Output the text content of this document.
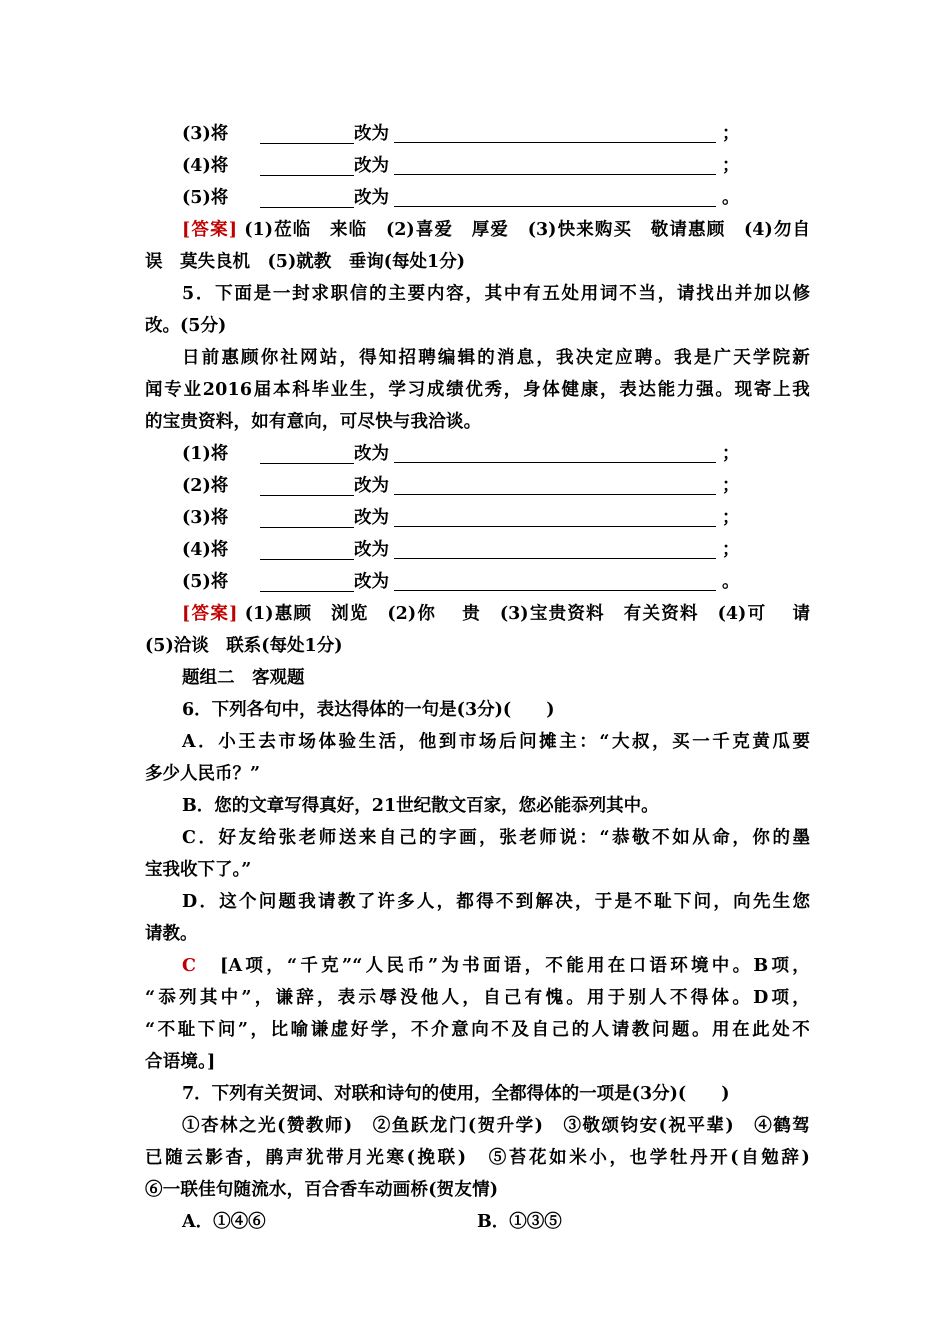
(3)将	改为	；
(4)将	改为	；
(5)将	改为	。
[答案] (1)莅临　来临　(2)喜爱　厚爱　(3)快来购买　敬请惠顾　(4)勿自
误　莫失良机　(5)就教　垂询(每处1分)
5．下面是一封求职信的主要内容，其中有五处用词不当，请找出并加以修
改。(5分)
日前惠顾你社网站，得知招聘编辑的消息，我决定应聘。我是广天学院新
闻专业2016届本科毕业生，学习成绩优秀，身体健康，表达能力强。现寄上我
的宝贵资料，如有意向，可尽快与我洽谈。
(1)将	改为	；
(2)将	改为	；
(3)将	改为	；
(4)将	改为	；
(5)将	改为	。
[答案] (1)惠顾　浏览　(2)你　 贵　(3)宝贵资料　有关资料　(4)可　 请
(5)洽谈　联系(每处1分)
题组二　客观题
6．下列各句中，表达得体的一句是(3分)(　　)
A．小王去市场体验生活，他到市场后问摊主：“大叔，买一千克黄瓜要
多少人民币？”
B．您的文章写得真好，21世纪散文百家，您必能忝列其中。
C．好友给张老师送来自己的字画，张老师说：“恭敬不如从命，你的墨
宝我收下了。”
D．这个问题我请教了许多人，都得不到解决，于是不耻下问，向先生您
请教。
C　[A项，“千克”“人民币”为书面语，不能用在口语环境中。B项，
“忝列其中”，谦辞，表示辱没他人，自己有愧。用于别人不得体。D项，
“不耻下问”，比喻谦虚好学，不介意向不及自己的人请教问题。用在此处不
合语境。]
7．下列有关贺词、对联和诗句的使用，全都得体的一项是(3分)(　　)
①杏林之光(赞教师)　②鱼跃龙门(贺升学)　③敬颂钧安(祝平辈)　④鹤驾
已随云影杳，鹃声犹带月光寒(挽联)　⑤苔花如米小，也学牡丹开(自勉辞)
⑥一联佳句随流水，百合香车动画桥(贺友情)
A．①④⑥	B．①③⑤
